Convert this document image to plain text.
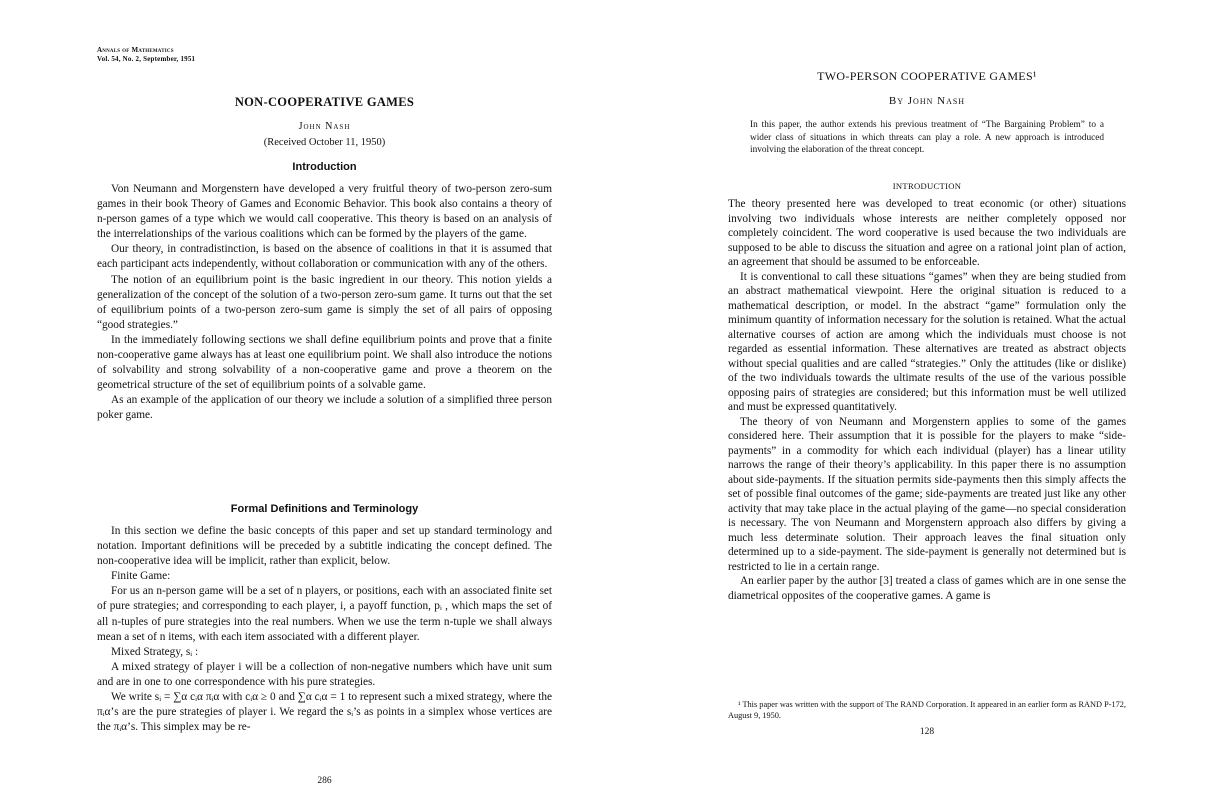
Annals of Mathematics
Vol. 54, No. 2, September, 1951
NON-COOPERATIVE GAMES
John Nash
(Received October 11, 1950)
Introduction

Von Neumann and Morgenstern have developed a very fruitful theory of two-person zero-sum games in their book Theory of Games and Economic Behavior. This book also contains a theory of n-person games of a type which we would call cooperative. This theory is based on an analysis of the interrelationships of the various coalitions which can be formed by the players of the game.

Our theory, in contradistinction, is based on the absence of coalitions in that it is assumed that each participant acts independently, without collaboration or communication with any of the others.

The notion of an equilibrium point is the basic ingredient in our theory. This notion yields a generalization of the concept of the solution of a two-person zero-sum game. It turns out that the set of equilibrium points of a two-person zero-sum game is simply the set of all pairs of opposing “good strategies.”

In the immediately following sections we shall define equilibrium points and prove that a finite non-cooperative game always has at least one equilibrium point. We shall also introduce the notions of solvability and strong solvability of a non-cooperative game and prove a theorem on the geometrical structure of the set of equilibrium points of a solvable game.

As an example of the application of our theory we include a solution of a simplified three person poker game.

Formal Definitions and Terminology

In this section we define the basic concepts of this paper and set up standard terminology and notation. Important definitions will be preceded by a subtitle indicating the concept defined. The non-cooperative idea will be implicit, rather than explicit, below.

Finite Game:

For us an n-person game will be a set of n players, or positions, each with an associated finite set of pure strategies; and corresponding to each player, i, a payoff function, pᵢ , which maps the set of all n-tuples of pure strategies into the real numbers. When we use the term n-tuple we shall always mean a set of n items, with each item associated with a different player.

Mixed Strategy, sᵢ :

A mixed strategy of player i will be a collection of non-negative numbers which have unit sum and are in one to one correspondence with his pure strategies.

We write sᵢ = ∑α cᵢα πᵢα with cᵢα ≥ 0 and ∑α cᵢα = 1 to represent such a mixed strategy, where the πᵢα’s are the pure strategies of player i. We regard the sᵢ’s as points in a simplex whose vertices are the πᵢα’s. This simplex may be re-

286
TWO-PERSON COOPERATIVE GAMES¹
By John Nash
In this paper, the author extends his previous treatment of “The Bargaining Problem” to a wider class of situations in which threats can play a role. A new approach is introduced involving the elaboration of the threat concept.
INTRODUCTION

The theory presented here was developed to treat economic (or other) situations involving two individuals whose interests are neither completely opposed nor completely coincident. The word cooperative is used because the two individuals are supposed to be able to discuss the situation and agree on a rational joint plan of action, an agreement that should be assumed to be enforceable.

It is conventional to call these situations “games” when they are being studied from an abstract mathematical viewpoint. Here the original situation is reduced to a mathematical description, or model. In the abstract “game” formulation only the minimum quantity of information necessary for the solution is retained. What the actual alternative courses of action are among which the individuals must choose is not regarded as essential information. These alternatives are treated as abstract objects without special qualities and are called “strategies.” Only the attitudes (like or dislike) of the two individuals towards the ultimate results of the use of the various possible opposing pairs of strategies are considered; but this information must be well utilized and must be expressed quantitatively.

The theory of von Neumann and Morgenstern applies to some of the games considered here. Their assumption that it is possible for the players to make “side-payments” in a commodity for which each individual (player) has a linear utility narrows the range of their theory’s applicability. In this paper there is no assumption about side-payments. If the situation permits side-payments then this simply affects the set of possible final outcomes of the game; side-payments are treated just like any other activity that may take place in the actual playing of the game—no special consideration is necessary. The von Neumann and Morgenstern approach also differs by giving a much less determinate solution. Their approach leaves the final situation only determined up to a side-payment. The side-payment is generally not determined but is restricted to lie in a certain range.

An earlier paper by the author [3] treated a class of games which are in one sense the diametrical opposites of the cooperative games. A game is

¹ This paper was written with the support of The RAND Corporation. It appeared in an earlier form as RAND P-172, August 9, 1950.
128
